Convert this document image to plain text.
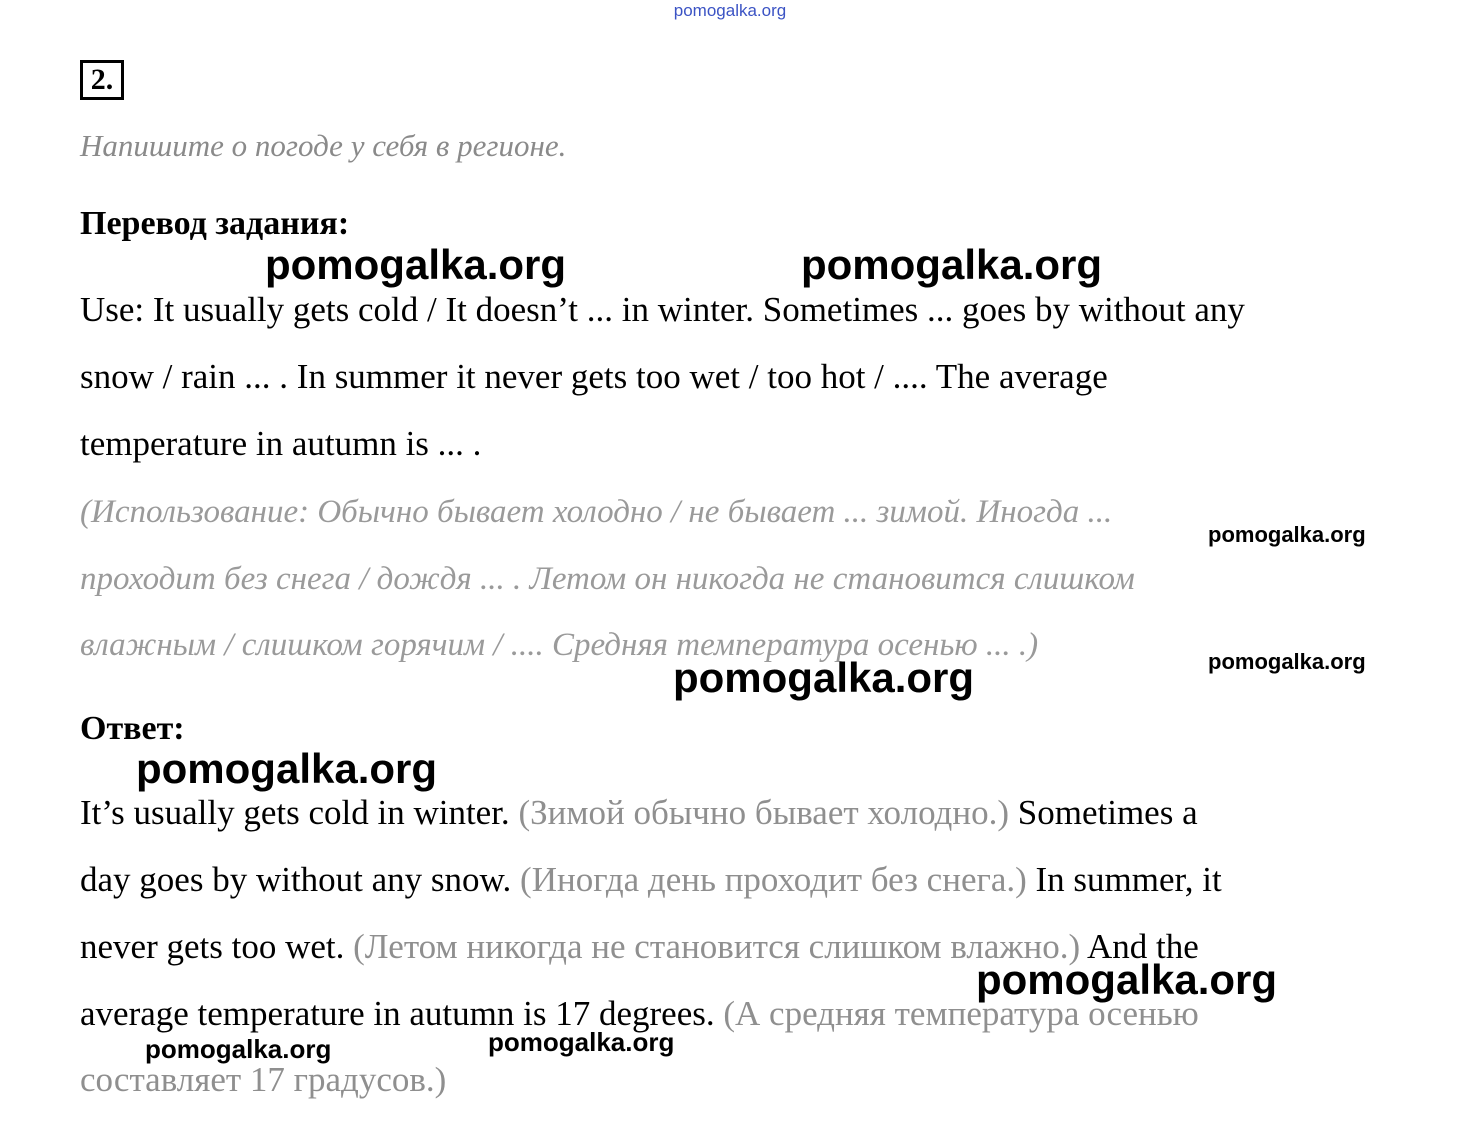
pomogalka.org
2.
Напишите о погоде у себя в регионе.
Перевод задания:
pomogalka.org	pomogalka.org
Use: It usually gets cold / It doesn’t ... in winter. Sometimes ... goes by without any
snow / rain ... . In summer it never gets too wet / too hot / .... The average
temperature in autumn is ... .
(Использование: Обычно бывает холодно / не бывает ... зимой. Иногда ...
проходит без снега / дождя ... . Летом он никогда не становится слишком
влажным / слишком горячим / .... Средняя температура осенью ... .)
pomogalka.org
pomogalka.org
pomogalka.org
Ответ:
pomogalka.org
It’s usually gets cold in winter. (Зимой обычно бывает холодно.) Sometimes a
day goes by without any snow. (Иногда день проходит без снега.) In summer, it
never gets too wet. (Летом никогда не становится слишком влажно.) And the
pomogalka.org
average temperature in autumn is 17 degrees. (А средняя температура осенью
pomogalka.org	pomogalka.org
составляет 17 градусов.)
